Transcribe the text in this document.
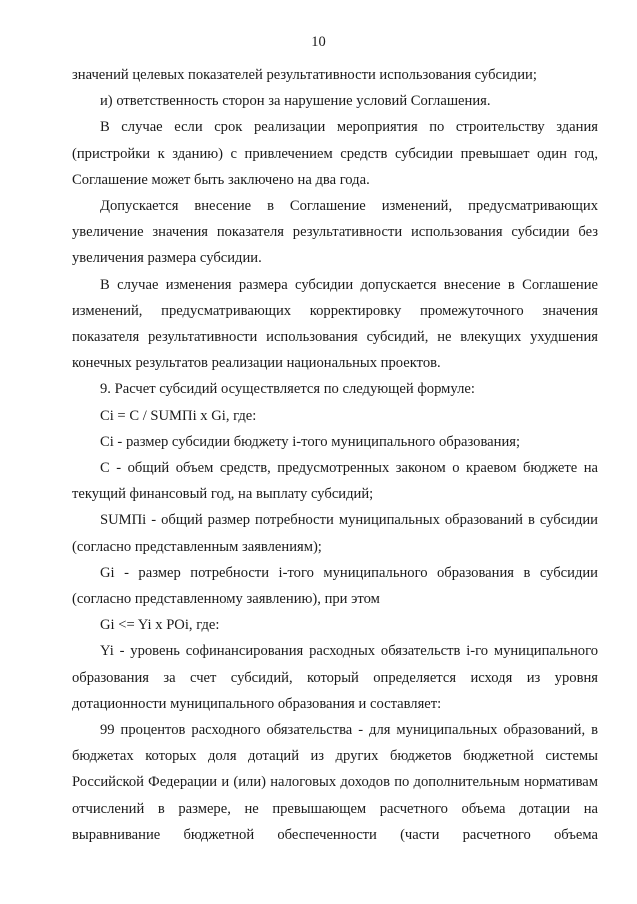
10

значений целевых показателей результативности использования субсидии;

и) ответственность сторон за нарушение условий Соглашения.

В случае если срок реализации мероприятия по строительству здания (пристройки к зданию) с привлечением средств субсидии превышает один год, Соглашение может быть заключено на два года.

Допускается внесение в Соглашение изменений, предусматривающих увеличение значения показателя результативности использования субсидии без увеличения размера субсидии.

В случае изменения размера субсидии допускается внесение в Соглашение изменений, предусматривающих корректировку промежуточного значения показателя результативности использования субсидий, не влекущих ухудшения конечных результатов реализации национальных проектов.

9. Расчет субсидий осуществляется по следующей формуле:

Ci = C / SUMПi x Gi, где:

Ci - размер субсидии бюджету i-того муниципального образования;

С - общий объем средств, предусмотренных законом о краевом бюджете на текущий финансовый год, на выплату субсидий;

SUMПi - общий размер потребности муниципальных образований в субсидии (согласно представленным заявлениям);

Gi - размер потребности i-того муниципального образования в субсидии (согласно представленному заявлению), при этом

Gi <= Yi x POi, где:

Yi - уровень софинансирования расходных обязательств i-го муниципального образования за счет субсидий, который определяется исходя из уровня дотационности муниципального образования и составляет:

99 процентов расходного обязательства - для муниципальных образований, в бюджетах которых доля дотаций из других бюджетов бюджетной системы Российской Федерации и (или) налоговых доходов по дополнительным нормативам отчислений в размере, не превышающем расчетного объема дотации на выравнивание бюджетной обеспеченности (части расчетного объема
